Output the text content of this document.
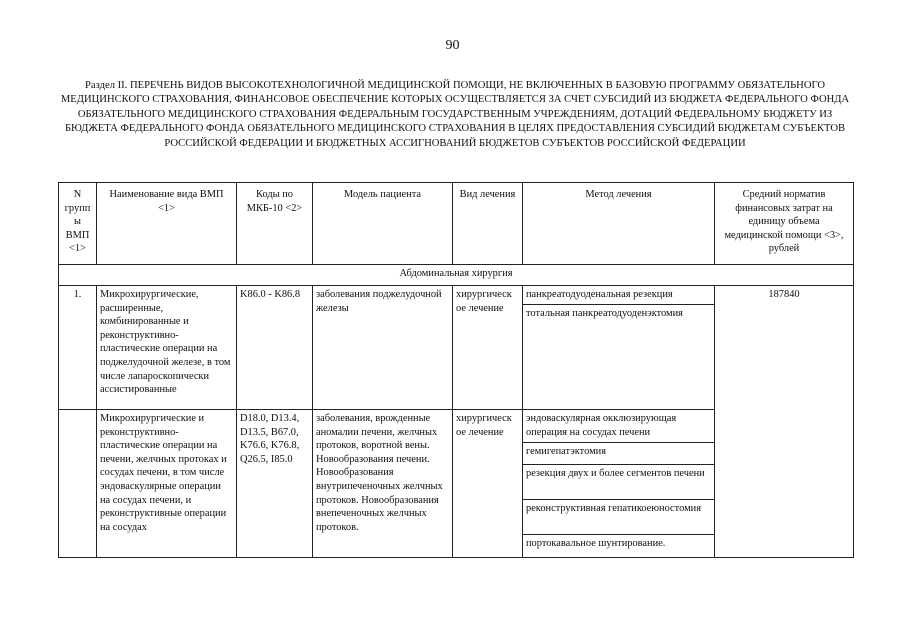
90
Раздел II. ПЕРЕЧЕНЬ ВИДОВ ВЫСОКОТЕХНОЛОГИЧНОЙ МЕДИЦИНСКОЙ ПОМОЩИ, НЕ ВКЛЮЧЕННЫХ В БАЗОВУЮ ПРОГРАММУ ОБЯЗАТЕЛЬНОГО МЕДИЦИНСКОГО СТРАХОВАНИЯ, ФИНАНСОВОЕ ОБЕСПЕЧЕНИЕ КОТОРЫХ ОСУЩЕСТВЛЯЕТСЯ ЗА СЧЕТ СУБСИДИЙ ИЗ БЮДЖЕТА ФЕДЕРАЛЬНОГО ФОНДА ОБЯЗАТЕЛЬНОГО МЕДИЦИНСКОГО СТРАХОВАНИЯ ФЕДЕРАЛЬНЫМ ГОСУДАРСТВЕННЫМ УЧРЕЖДЕНИЯМ, ДОТАЦИЙ ФЕДЕРАЛЬНОМУ БЮДЖЕТУ ИЗ БЮДЖЕТА ФЕДЕРАЛЬНОГО ФОНДА ОБЯЗАТЕЛЬНОГО МЕДИЦИНСКОГО СТРАХОВАНИЯ В ЦЕЛЯХ ПРЕДОСТАВЛЕНИЯ СУБСИДИЙ БЮДЖЕТАМ СУБЪЕКТОВ РОССИЙСКОЙ ФЕДЕРАЦИИ И БЮДЖЕТНЫХ АССИГНОВАНИЙ БЮДЖЕТОВ СУБЪЕКТОВ РОССИЙСКОЙ ФЕДЕРАЦИИ
N групп ы ВМП <1>	Наименование вида ВМП <1>	Коды по МКБ-10 <2>	Модель пациента	Вид лечения	Метод лечения	Средний норматив финансовых затрат на единицу объема медицинской помощи <3>, рублей
Абдоминальная хирургия						
1.	Микрохирургические, расширенные, комбинированные и реконструктивно-пластические операции на поджелудочной железе, в том числе лапароскопически ассистированные	K86.0 - K86.8	заболевания поджелудочной железы	хирургическ ое лечение	панкреатодуоденальная резекция	187840
					тотальная панкреатодуоденэктомия	
	Микрохирургические и реконструктивно-пластические операции на печени, желчных протоках и сосудах печени, в том числе эндоваскулярные операции на сосудах печени, и реконструктивные операции на сосудах	D18.0, D13.4, D13.5, B67.0, K76.6, K76.8, Q26.5, I85.0	заболевания, врожденные аномалии печени, желчных протоков, воротной вены. Новообразования печени. Новообразования внутрипеченочных желчных протоков. Новообразования внепеченочных желчных протоков.	хирургическ ое лечение	эндоваскулярная окклюзирующая операция на сосудах печени	
					гемигепатэктомия	
					резекция двух и более сегментов печени	
					реконструктивная гепатикоеюностомия	
					портокавальное шунтирование.	
